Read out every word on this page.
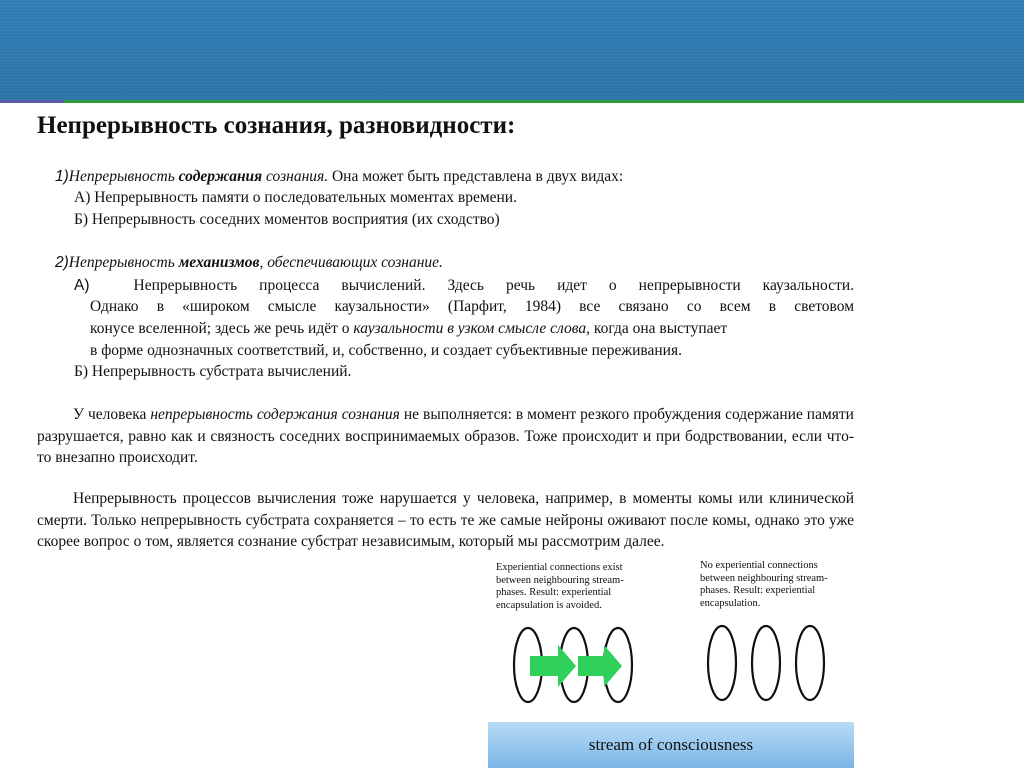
Непрерывность сознания, разновидности:
1)Непрерывность содержания сознания. Она может быть представлена в двух видах:
А) Непрерывность памяти о последовательных моментах времени.
Б) Непрерывность соседних моментов восприятия (их сходство)
2)Непрерывность механизмов, обеспечивающих сознание.
А)	Непрерывность процесса вычислений. Здесь речь идет о непрерывности каузальности.
Однако в «широком смысле каузальности» (Парфит, 1984) все связано со всем в световом
конусе вселенной; здесь же речь идёт о каузальности в узком смысле слова, когда она выступает
в форме однозначных соответствий, и, собственно, и создает субъективные переживания.
Б) Непрерывность субстрата вычислений.
У человека непрерывность содержания сознания не выполняется: в момент резкого пробуждения содержание памяти разрушается, равно как и связность соседних воспринимаемых образов. Тоже происходит и при бодрствовании, если что-то внезапно происходит.
Непрерывность процессов вычисления тоже нарушается у человека, например, в моменты комы или клинической смерти. Только непрерывность субстрата сохраняется – то есть те же самые нейроны оживают после комы, однако это уже скорее вопрос о том, является сознание субстрат независимым, который мы рассмотрим далее.
Experiential connections exist
between neighbouring stream-
phases. Result: experiential
encapsulation is avoided.
No experiential connections
between neighbouring stream-
phases. Result: experiential
encapsulation.
stream of consciousness
